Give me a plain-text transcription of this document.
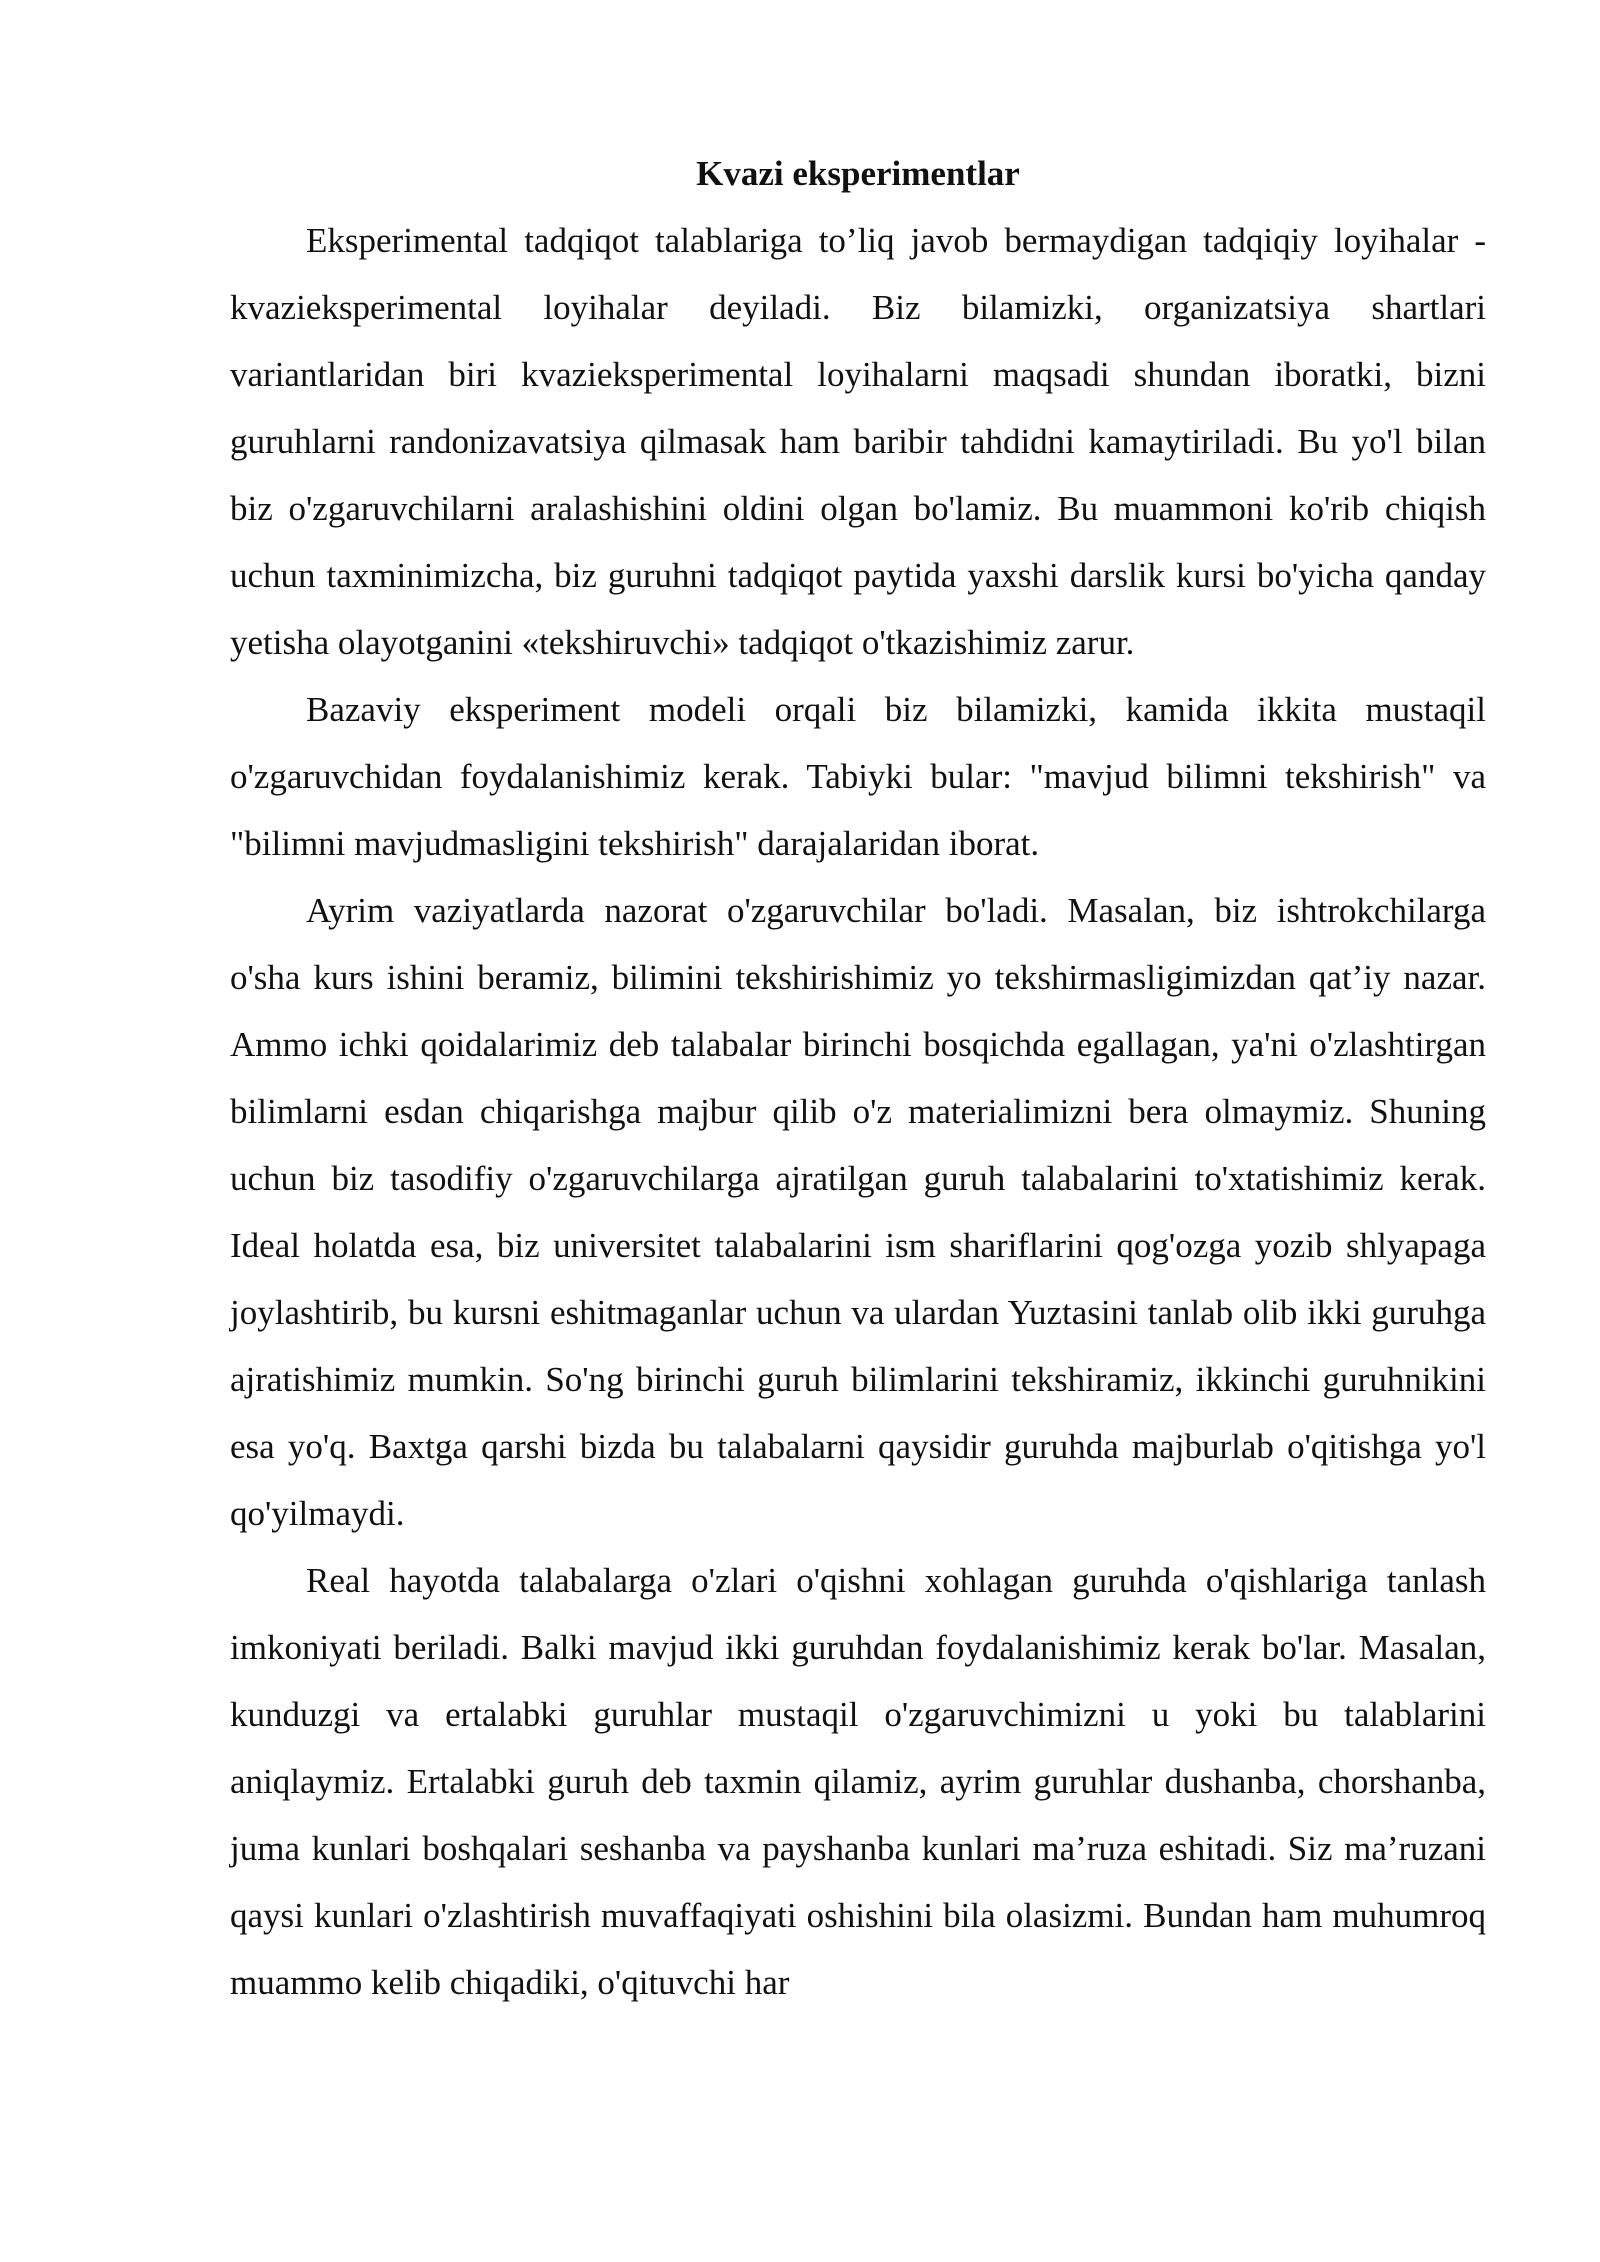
Kvazi eksperimentlar

Eksperimental tadqiqot talablariga to’liq javob bermaydigan tadqiqiy loyihalar - kvazieksperimental loyihalar deyiladi. Biz bilamizki, organizatsiya shartlari variantlaridan biri kvazieksperimental loyihalarni maqsadi shundan iboratki, bizni guruhlarni randonizavatsiya qilmasak ham baribir tahdidni kamaytiriladi. Bu yo'l bilan biz o'zgaruvchilarni aralashishini oldini olgan bo'lamiz. Bu muammoni ko'rib chiqish uchun taxminimizcha, biz guruhni tadqiqot paytida yaxshi darslik kursi bo'yicha qanday yetisha olayotganini «tekshiruvchi» tadqiqot o'tkazishimiz zarur.

Bazaviy eksperiment modeli orqali biz bilamizki, kamida ikkita mustaqil o'zgaruvchidan foydalanishimiz kerak. Tabiyki bular: "mavjud bilimni tekshirish" va "bilimni mavjudmasligini tekshirish" darajalaridan iborat.

Ayrim vaziyatlarda nazorat o'zgaruvchilar bo'ladi. Masalan, biz ishtrokchilarga o'sha kurs ishini beramiz, bilimini tekshirishimiz yo tekshirmasligimizdan qat’iy nazar. Ammo ichki qoidalarimiz deb talabalar birinchi bosqichda egallagan, ya'ni o'zlashtirgan bilimlarni esdan chiqarishga majbur qilib o'z materialimizni bera olmaymiz. Shuning uchun biz tasodifiy o'zgaruvchilarga ajratilgan guruh talabalarini to'xtatishimiz kerak. Ideal holatda esa, biz universitet talabalarini ism shariflarini qog'ozga yozib shlyapaga joylashtirib, bu kursni eshitmaganlar uchun va ulardan Yuztasini tanlab olib ikki guruhga ajratishimiz mumkin. So'ng birinchi guruh bilimlarini tekshiramiz, ikkinchi guruhnikini esa yo'q. Baxtga qarshi bizda bu talabalarni qaysidir guruhda majburlab o'qitishga yo'l qo'yilmaydi.

Real hayotda talabalarga o'zlari o'qishni xohlagan guruhda o'qishlariga tanlash imkoniyati beriladi. Balki mavjud ikki guruhdan foydalanishimiz kerak bo'lar. Masalan, kunduzgi va ertalabki guruhlar mustaqil o'zgaruvchimizni u yoki bu talablarini aniqlaymiz. Ertalabki guruh deb taxmin qilamiz, ayrim guruhlar dushanba, chorshanba, juma kunlari boshqalari seshanba va payshanba kunlari ma’ruza eshitadi. Siz ma’ruzani qaysi kunlari o'zlashtirish muvaffaqiyati oshishini bila olasizmi. Bundan ham muhumroq muammo kelib chiqadiki, o'qituvchi har
